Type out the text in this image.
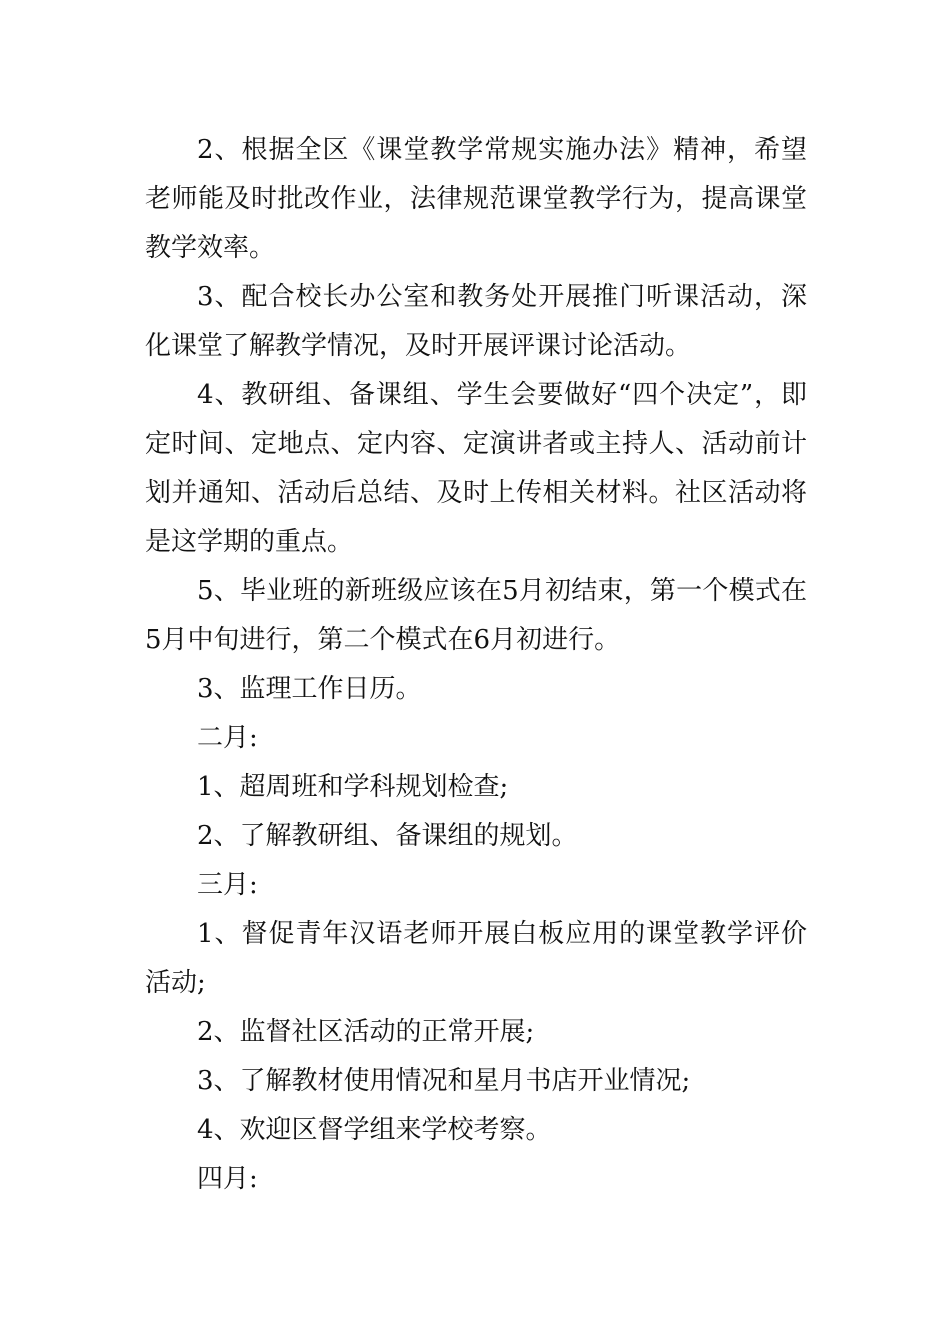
2、根据全区《课堂教学常规实施办法》精神，希望老师能及时批改作业，法律规范课堂教学行为，提高课堂教学效率。

3、配合校长办公室和教务处开展推门听课活动，深化课堂了解教学情况，及时开展评课讨论活动。

4、教研组、备课组、学生会要做好“四个决定”，即定时间、定地点、定内容、定演讲者或主持人、活动前计划并通知、活动后总结、及时上传相关材料。社区活动将是这学期的重点。

5、毕业班的新班级应该在5月初结束，第一个模式在5月中旬进行，第二个模式在6月初进行。

3、监理工作日历。

二月:

1、超周班和学科规划检查;

2、了解教研组、备课组的规划。

三月:

1、督促青年汉语老师开展白板应用的课堂教学评价活动;

2、监督社区活动的正常开展;

3、了解教材使用情况和星月书店开业情况;

4、欢迎区督学组来学校考察。

四月:
